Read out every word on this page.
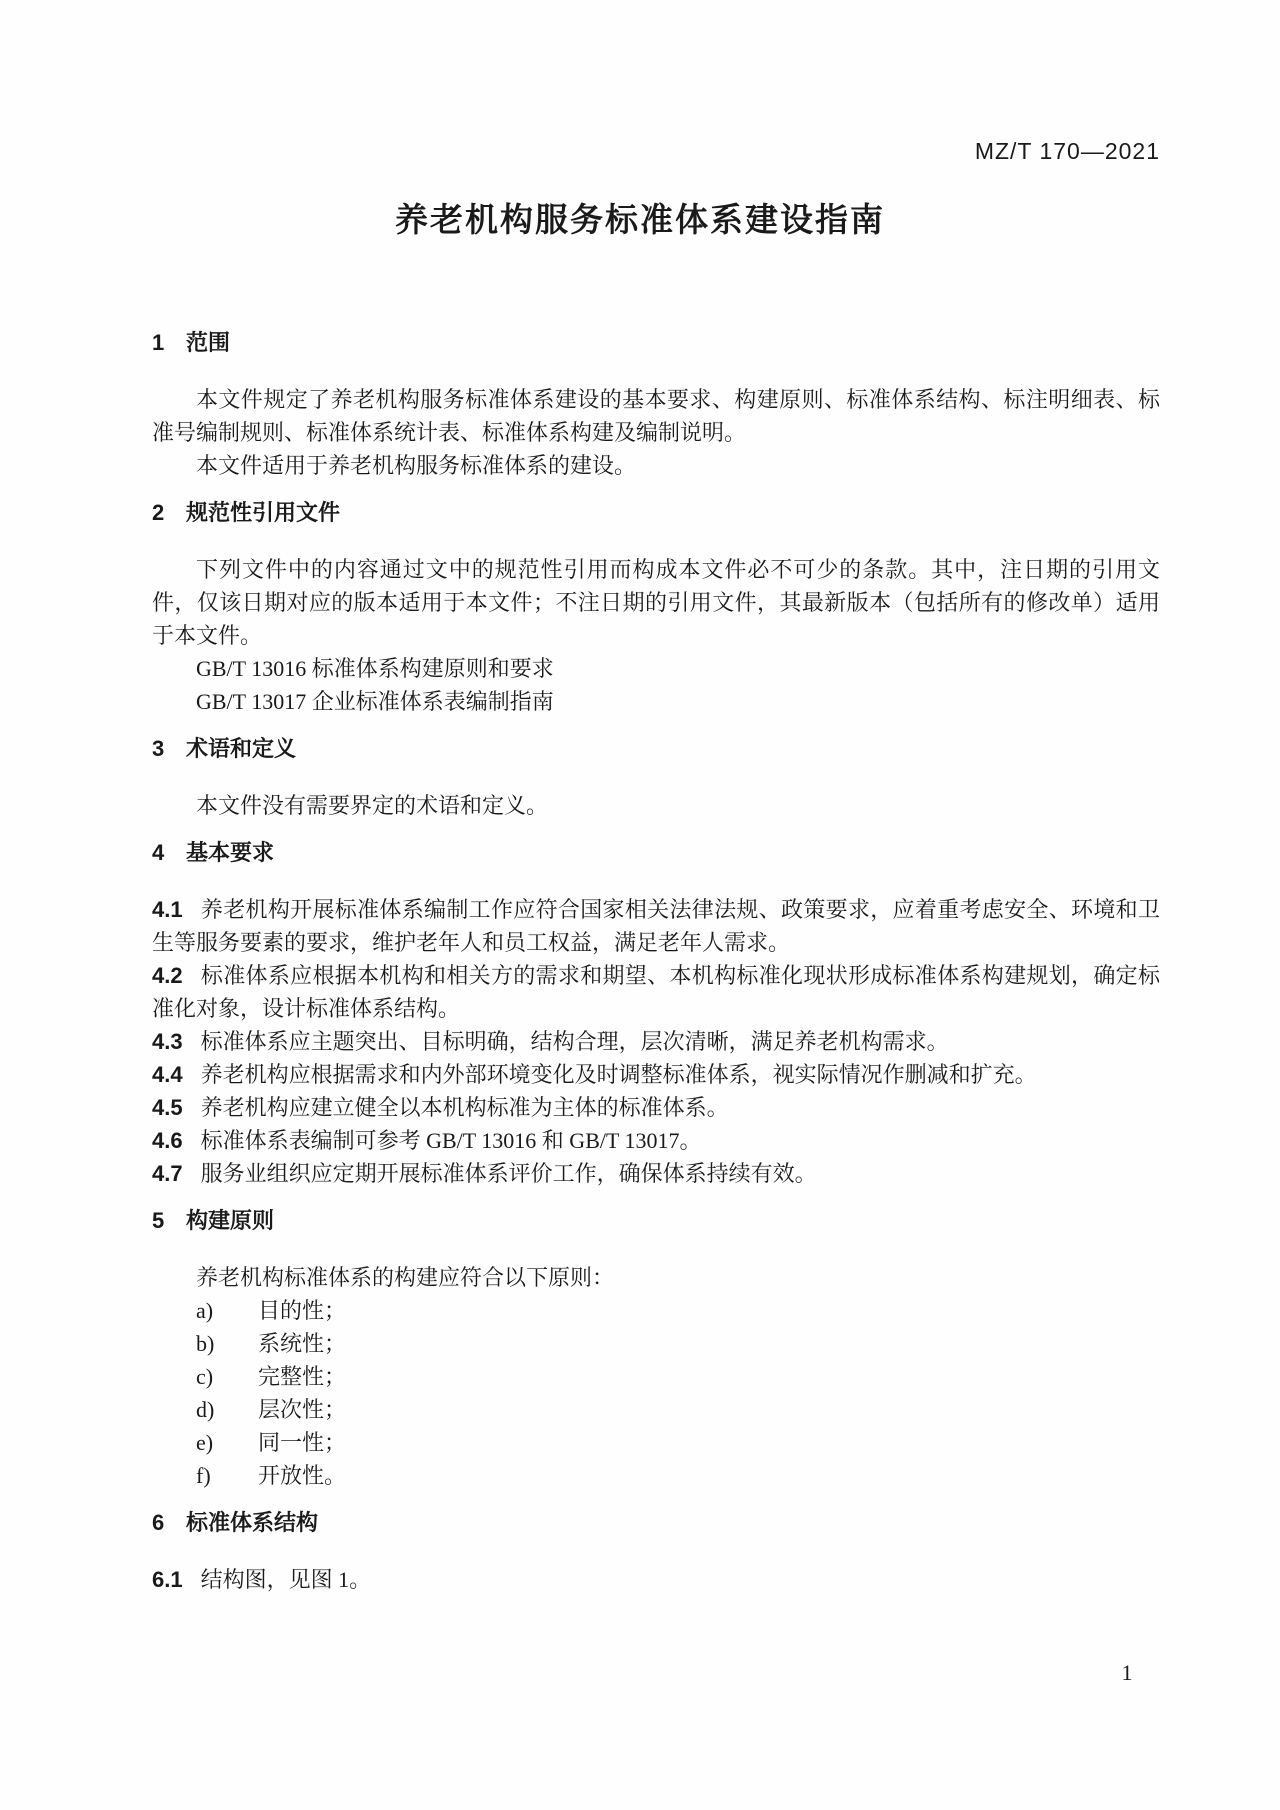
MZ/T 170—2021
养老机构服务标准体系建设指南
1 范围

本文件规定了养老机构服务标准体系建设的基本要求、构建原则、标准体系结构、标注明细表、标准号编制规则、标准体系统计表、标准体系构建及编制说明。

本文件适用于养老机构服务标准体系的建设。

2 规范性引用文件

下列文件中的内容通过文中的规范性引用而构成本文件必不可少的条款。其中，注日期的引用文件，仅该日期对应的版本适用于本文件；不注日期的引用文件，其最新版本（包括所有的修改单）适用于本文件。

GB/T 13016 标准体系构建原则和要求

GB/T 13017 企业标准体系表编制指南

3 术语和定义

本文件没有需要界定的术语和定义。

4 基本要求

4.1 养老机构开展标准体系编制工作应符合国家相关法律法规、政策要求，应着重考虑安全、环境和卫生等服务要素的要求，维护老年人和员工权益，满足老年人需求。

4.2 标准体系应根据本机构和相关方的需求和期望、本机构标准化现状形成标准体系构建规划，确定标准化对象，设计标准体系结构。

4.3 标准体系应主题突出、目标明确，结构合理，层次清晰，满足养老机构需求。

4.4 养老机构应根据需求和内外部环境变化及时调整标准体系，视实际情况作删减和扩充。

4.5 养老机构应建立健全以本机构标准为主体的标准体系。

4.6 标准体系表编制可参考 GB/T 13016 和 GB/T 13017。

4.7 服务业组织应定期开展标准体系评价工作，确保体系持续有效。

5 构建原则

养老机构标准体系的构建应符合以下原则：

a) 目的性；

b) 系统性；

c) 完整性；

d) 层次性；

e) 同一性；

f) 开放性。

6 标准体系结构

6.1 结构图，见图 1。

1
